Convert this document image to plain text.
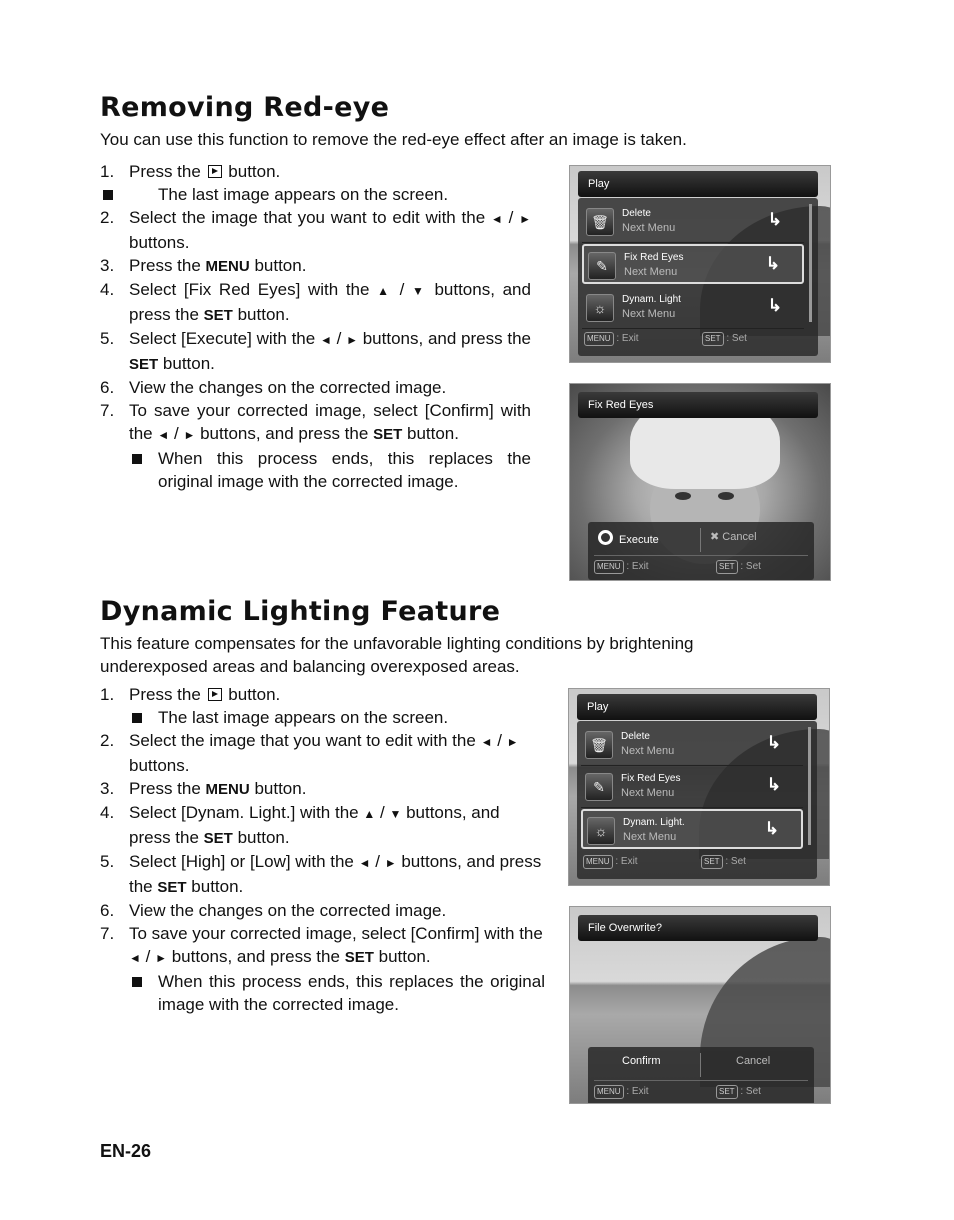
Removing Red-eye
You can use this function to remove the red-eye effect after an image is taken.
1. Press the button.
The last image appears on the screen.
2. Select the image that you want to edit with the ◄ / ► buttons.
3. Press the MENU button.
4. Select [Fix Red Eyes] with the ▲ / ▼ buttons, and press the SET button.
5. Select [Execute] with the ◄ / ► buttons, and press the SET button.
6. View the changes on the corrected image.
7. To save your corrected image, select [Confirm] with the ◄ / ► buttons, and press the SET button.
When this process ends, this replaces the original image with the corrected image.
Play
🗑
Delete
Next Menu	↳
✎
Fix Red Eyes
Next Menu	↳
☼
Dynam. Light
Next Menu	↳
MENU : Exit	SET : Set
Fix Red Eyes
Execute	✖ Cancel
MENU : Exit	SET : Set
Dynamic Lighting Feature
This feature compensates for the unfavorable lighting conditions by brightening underexposed areas and balancing overexposed areas.
1. Press the button.
The last image appears on the screen.
2. Select the image that you want to edit with the ◄ / ► buttons.
3. Press the MENU button.
4. Select [Dynam. Light.] with the ▲ / ▼ buttons, and press the SET button.
5. Select [High] or [Low] with the ◄ / ► buttons, and press the SET button.
6. View the changes on the corrected image.
7. To save your corrected image, select [Confirm] with the ◄ / ► buttons, and press the SET button.
When this process ends, this replaces the original image with the corrected image.
Play
🗑
Delete
Next Menu	↳
✎
Fix Red Eyes
Next Menu	↳
☼
Dynam. Light.
Next Menu	↳
MENU : Exit	SET : Set
File Overwrite?
Confirm	Cancel
MENU : Exit	SET : Set
EN-26
